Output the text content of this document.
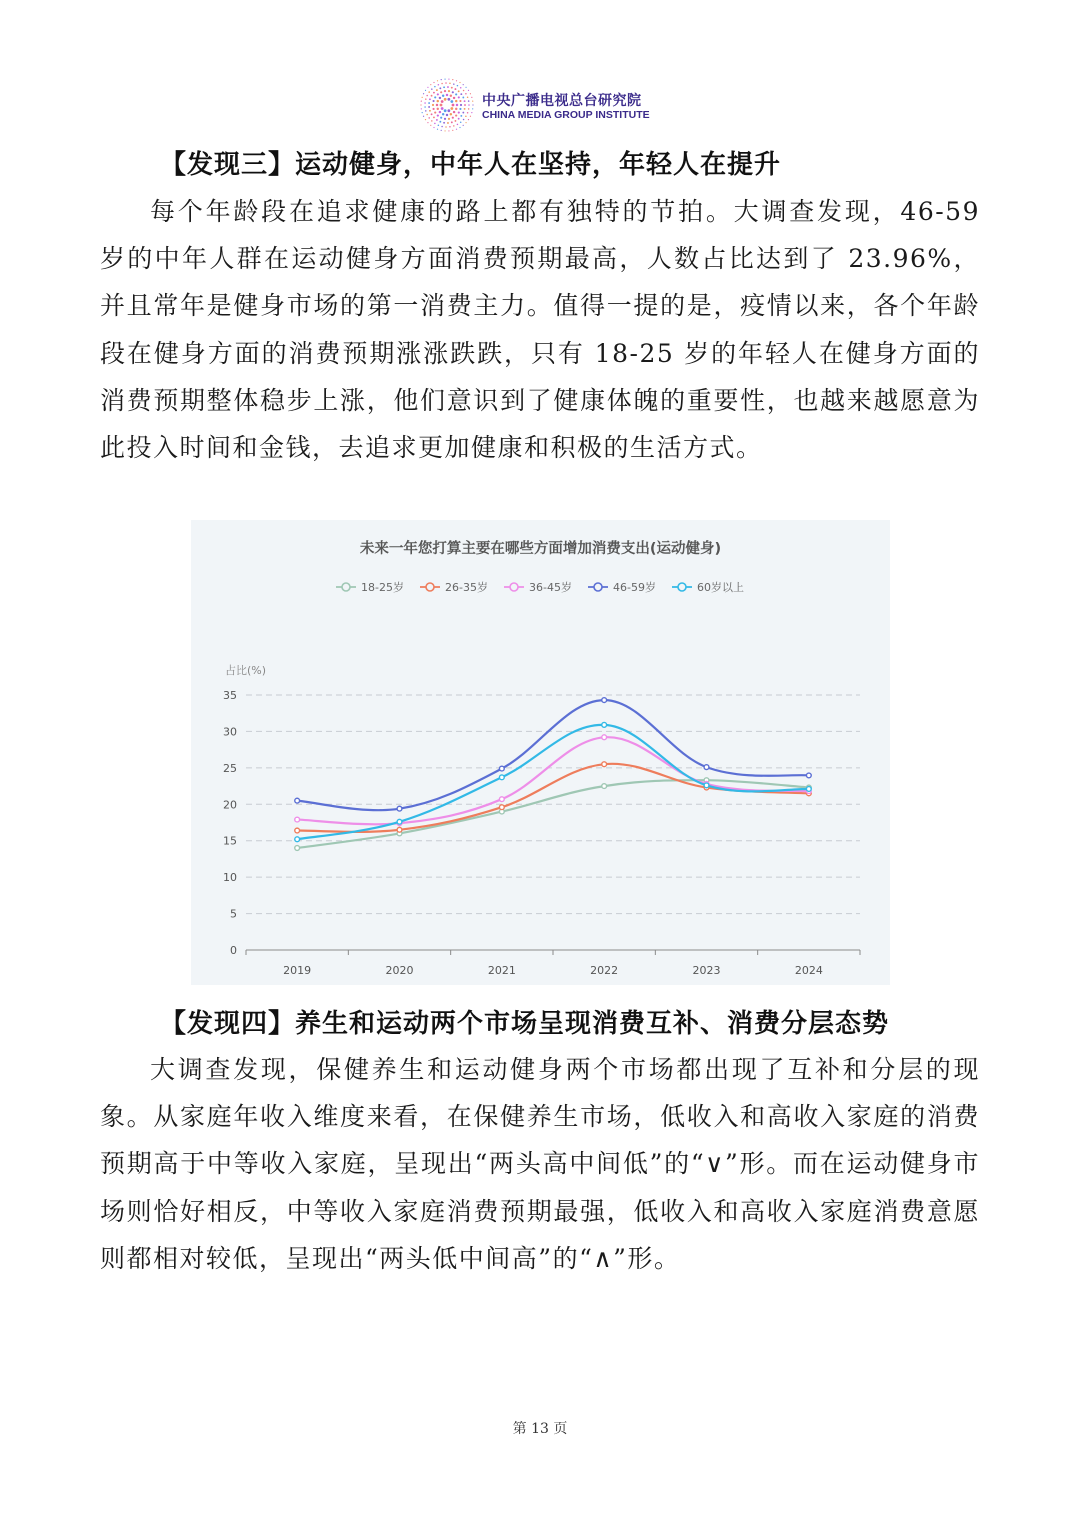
中央广播电视总台研究院
CHINA MEDIA GROUP INSTITUTE
【发现三】运动健身，中年人在坚持，年轻人在提升

每个年龄段在追求健康的路上都有独特的节拍。大调查发现，46-59 岁的中年人群在运动健身方面消费预期最高，人数占比达到了 23.96%，并且常年是健身市场的第一消费主力。值得一提的是，疫情以来，各个年龄段在健身方面的消费预期涨涨跌跌，只有 18-25 岁的年轻人在健身方面的消费预期整体稳步上涨，他们意识到了健康体魄的重要性，也越来越愿意为此投入时间和金钱，去追求更加健康和积极的生活方式。

未来一年您打算主要在哪些方面增加消费支出(运动健身)
18-25岁	26-35岁	36-45岁	46-59岁	60岁以上
占比(%)
0
5
10
15
20
25
30
35
2019	2020	2021	2022	2023	2024
【发现四】养生和运动两个市场呈现消费互补、消费分层态势

大调查发现，保健养生和运动健身两个市场都出现了互补和分层的现象。从家庭年收入维度来看，在保健养生市场，低收入和高收入家庭的消费预期高于中等收入家庭，呈现出“两头高中间低”的“∨”形。而在运动健身市场则恰好相反，中等收入家庭消费预期最强，低收入和高收入家庭消费意愿则都相对较低，呈现出“两头低中间高”的“∧”形。

第 13 页
